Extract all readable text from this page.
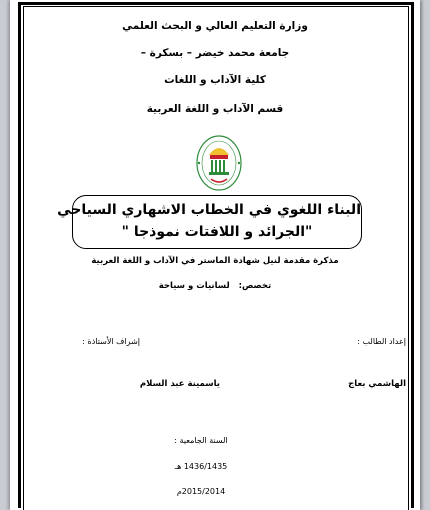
وزارة التعليم العالي و البحث العلمي
جامعة محمد خيضر – بسكرة –
كلية الآداب و اللغات
قسم الآداب و اللغة العربية
البناء اللغوي في الخطاب الاشهاري السياحي
"الجرائد و اللافتات نموذجا "
مذكرة مقدمة لنيل شهادة الماستر في الآداب و اللغة العربية
تخصص:   لسانيات و سياحة
إعداد الطالب :
إشراف الأستاذة :
الهاشمي بعاج
ياسمينة عبد السلام
السنة الجامعية :
1436/1435 هـ
2015/2014م
